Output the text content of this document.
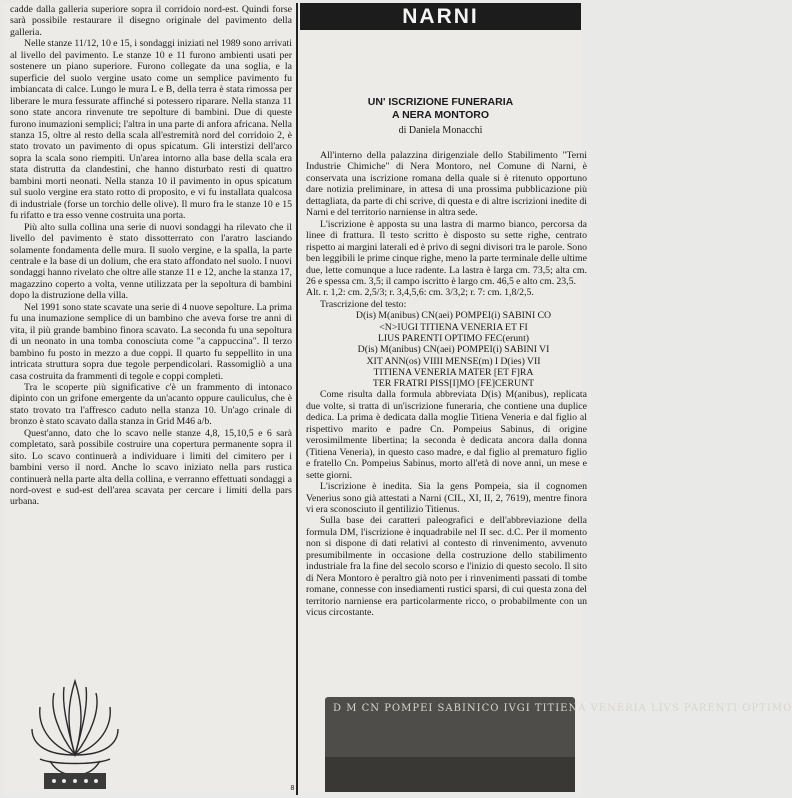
cadde dalla galleria superiore sopra il corridoio nord-est. Quindi forse sarà possibile restaurare il disegno originale del pavimento della galleria.

Nelle stanze 11/12, 10 e 15, i sondaggi iniziati nel 1989 sono arrivati al livello del pavimento. Le stanze 10 e 11 furono ambienti usati per sostenere un piano superiore. Furono collegate da una soglia, e la superficie del suolo vergine usato come un semplice pavimento fu imbiancata di calce. Lungo le mura L e B, della terra è stata rimossa per liberare le mura fessurate affinché si potessero riparare. Nella stanza 11 sono state ancora rinvenute tre sepolture di bambini. Due di queste furono inumazioni semplici; l'altra in una parte di anfora africana. Nella stanza 15, oltre al resto della scala all'estremità nord del corridoio 2, è stato trovato un pavimento di opus spicatum. Gli interstizi dell'arco sopra la scala sono riempiti. Un'area intorno alla base della scala era stata distrutta da clandestini, che hanno disturbato resti di quattro bambini morti neonati. Nella stanza 10 il pavimento in opus spicatum sul suolo vergine era stato rotto di proposito, e vi fu installata qualcosa di industriale (forse un torchio delle olive). Il muro fra le stanze 10 e 15 fu rifatto e tra esso venne costruita una porta.

Più alto sulla collina una serie di nuovi sondaggi ha rilevato che il livello del pavimento è stato dissotterrato con l'aratro lasciando solamente fondamenta delle mura. Il suolo vergine, e la spalla, la parte centrale e la base di un dolium, che era stato affondato nel suolo. I nuovi sondaggi hanno rivelato che oltre alle stanze 11 e 12, anche la stanza 17, magazzino coperto a volta, venne utilizzata per la sepoltura di bambini dopo la distruzione della villa.

Nel 1991 sono state scavate una serie di 4 nuove sepolture. La prima fu una inumazione semplice di un bambino che aveva forse tre anni di vita, il più grande bambino finora scavato. La seconda fu una sepoltura di un neonato in una tomba conosciuta come "a cappuccina". Il terzo bambino fu posto in mezzo a due coppi. Il quarto fu seppellito in una intricata struttura sopra due tegole perpendicolari. Rassomigliò a una casa costruita da frammenti di tegole e coppi completi.

Tra le scoperte più significative c'è un frammento di intonaco dipinto con un grifone emergente da un'acanto oppure cauliculus, che è stato trovato tra l'affresco caduto nella stanza 10. Un'ago crinale di bronzo è stato scavato dalla stanza in Grid M46 a/b.

Quest'anno, dato che lo scavo nelle stanze 4,8, 15,10,5 e 6 sarà completato, sarà possibile costruire una copertura permanente sopra il sito. Lo scavo continuerà a individuare i limiti del cimitero per i bambini verso il nord. Anche lo scavo iniziato nella pars rustica continuerà nella parte alta della collina, e verranno effettuati sondaggi a nord-ovest e sud-est dell'area scavata per cercare i limiti della pars urbana.

NARNI
UN' ISCRIZIONE FUNERARIA
A NERA MONTORO
di Daniela Monacchi

All'interno della palazzina dirigenziale dello Stabilimento "Terni Industrie Chimiche" di Nera Montoro, nel Comune di Narni, è conservata una iscrizione romana della quale si è ritenuto opportuno dare notizia preliminare, in attesa di una prossima pubblicazione più dettagliata, da parte di chi scrive, di questa e di altre iscrizioni inedite di Narni e del territorio narniense in altra sede.

L'iscrizione è apposta su una lastra di marmo bianco, percorsa da linee di frattura. Il testo scritto è disposto su sette righe, centrato rispetto ai margini laterali ed è privo di segni divisori tra le parole. Sono ben leggibili le prime cinque righe, meno la parte terminale delle ultime due, lette comunque a luce radente. La lastra è larga cm. 73,5; alta cm. 26 e spessa cm. 3,5; il campo iscritto è largo cm. 46,5 e alto cm. 23,5.

Alt. r. 1,2: cm. 2,5/3; r. 3,4,5,6: cm. 3/3,2; r. 7: cm. 1,8/2,5.

Trascrizione del testo:

D(is) M(anibus) CN(aei) POMPEI(i) SABINI CO
<N>IUGI TITIENA VENERIA ET FI
LIUS PARENTI OPTIMO FEC(erunt)
D(is) M(anibus) CN(aei) POMPEI(i) SABINI VI
XIT ANN(os) VIIII MENSE(m) I D(ies) VII
TITIENA VENERIA MATER [ET F]RA
TER FRATRI PISS[I]MO [FE]CERUNT

Come risulta dalla formula abbreviata D(is) M(anibus), replicata due volte, si tratta di un'iscrizione funeraria, che contiene una duplice dedica. La prima è dedicata dalla moglie Titiena Veneria e dal figlio al rispettivo marito e padre Cn. Pompeius Sabinus, di origine verosimilmente libertina; la seconda è dedicata ancora dalla donna (Titiena Veneria), in questo caso madre, e dal figlio al prematuro figlio e fratello Cn. Pompeius Sabinus, morto all'età di nove anni, un mese e sette giorni.

L'iscrizione è inedita. Sia la gens Pompeia, sia il cognomen Venerius sono già attestati a Narni (CIL, XI, II, 2, 7619), mentre finora vi era sconosciuto il gentilizio Titienus.

Sulla base dei caratteri paleografici e dell'abbreviazione della formula DM, l'iscrizione è inquadrabile nel II sec. d.C. Per il momento non si dispone di dati relativi al contesto di rinvenimento, avvenuto presumibilmente in occasione della costruzione dello stabilimento industriale fra la fine del secolo scorso e l'inizio di questo secolo. Il sito di Nera Montoro è peraltro già noto per i rinvenimenti passati di tombe romane, connesse con insediamenti rustici sparsi, di cui questa zona del territorio narniense era particolarmente ricco, o probabilmente con un vicus circostante.

D M CN POMPEI SABINICO IVGI TITIENA VENERIA LIVS PARENTI OPTIMO
8
